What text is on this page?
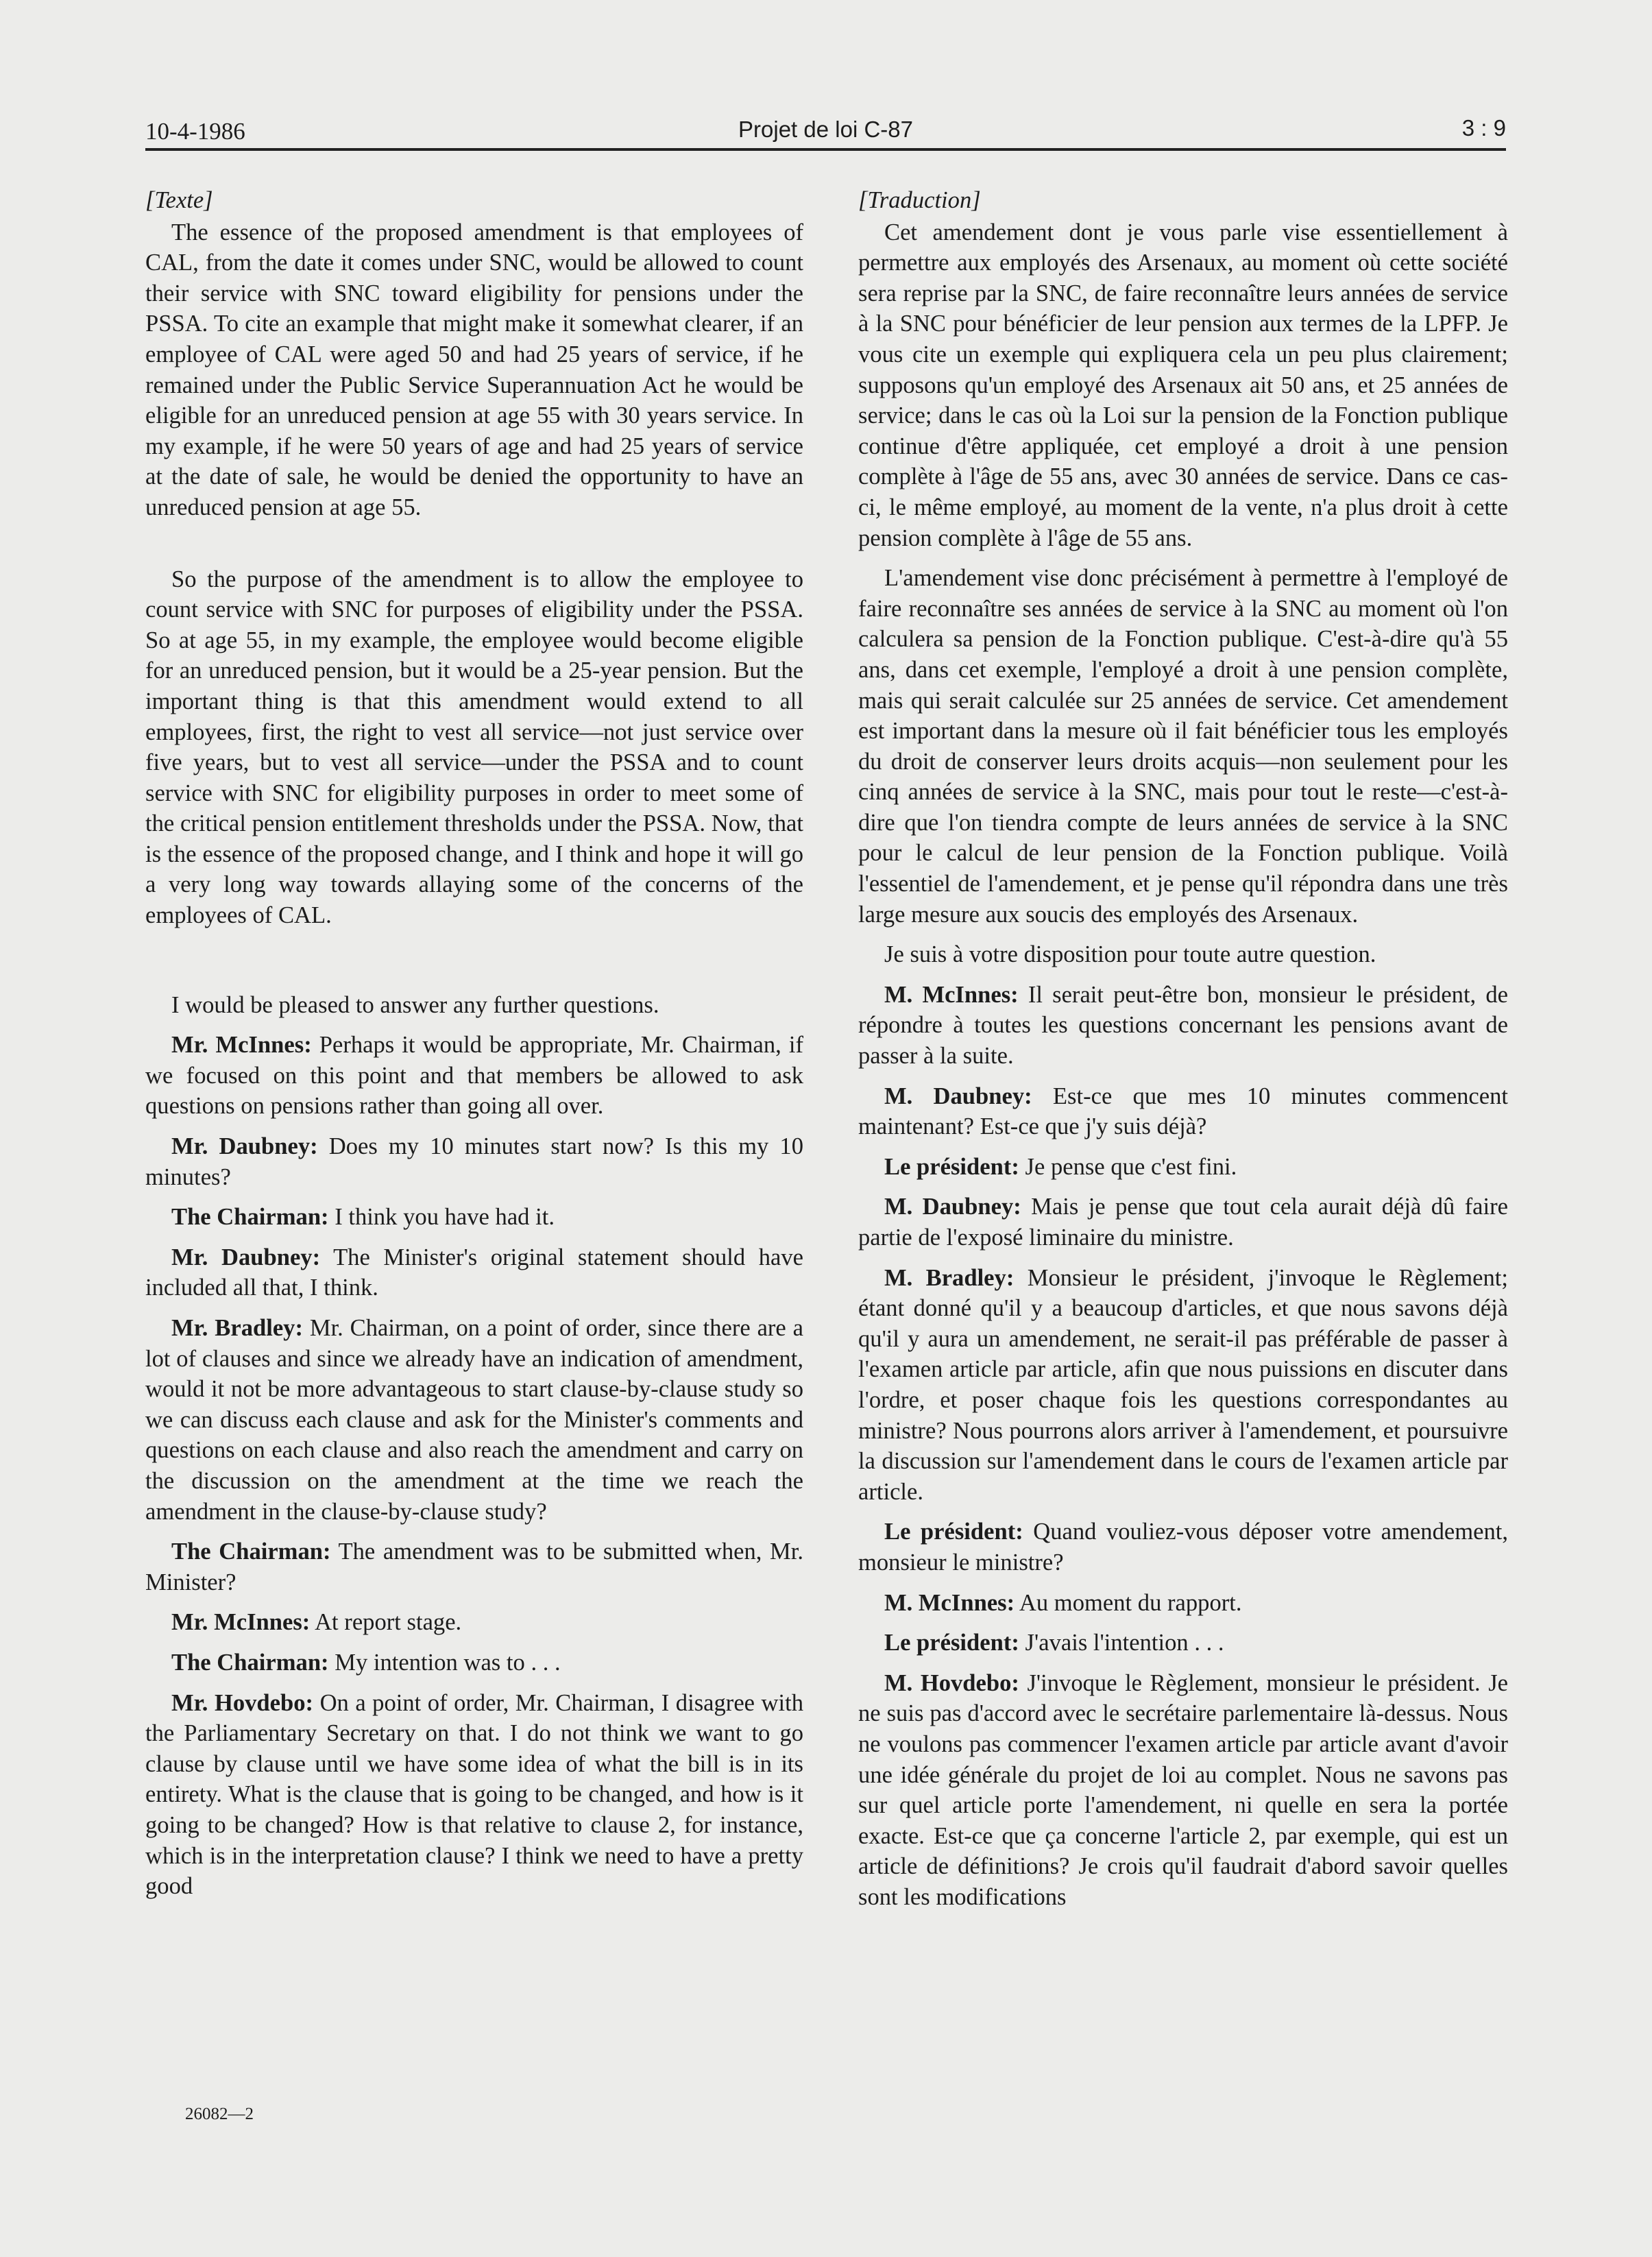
10-4-1986	Projet de loi C-87	3 : 9

[Texte]

The essence of the proposed amendment is that employees of CAL, from the date it comes under SNC, would be allowed to count their service with SNC toward eligibility for pensions under the PSSA. To cite an example that might make it somewhat clearer, if an employee of CAL were aged 50 and had 25 years of service, if he remained under the Public Service Superannuation Act he would be eligible for an unreduced pension at age 55 with 30 years service. In my example, if he were 50 years of age and had 25 years of service at the date of sale, he would be denied the opportunity to have an unreduced pension at age 55.

So the purpose of the amendment is to allow the employee to count service with SNC for purposes of eligibility under the PSSA. So at age 55, in my example, the employee would become eligible for an unreduced pension, but it would be a 25-year pension. But the important thing is that this amendment would extend to all employees, first, the right to vest all service—not just service over five years, but to vest all service—under the PSSA and to count service with SNC for eligibility purposes in order to meet some of the critical pension entitlement thresholds under the PSSA. Now, that is the essence of the proposed change, and I think and hope it will go a very long way towards allaying some of the concerns of the employees of CAL.

I would be pleased to answer any further questions.

Mr. McInnes: Perhaps it would be appropriate, Mr. Chairman, if we focused on this point and that members be allowed to ask questions on pensions rather than going all over.

Mr. Daubney: Does my 10 minutes start now? Is this my 10 minutes?

The Chairman: I think you have had it.

Mr. Daubney: The Minister's original statement should have included all that, I think.

Mr. Bradley: Mr. Chairman, on a point of order, since there are a lot of clauses and since we already have an indication of amendment, would it not be more advantageous to start clause-by-clause study so we can discuss each clause and ask for the Minister's comments and questions on each clause and also reach the amendment and carry on the discussion on the amendment at the time we reach the amendment in the clause-by-clause study?

The Chairman: The amendment was to be submitted when, Mr. Minister?

Mr. McInnes: At report stage.

The Chairman: My intention was to . . .

Mr. Hovdebo: On a point of order, Mr. Chairman, I disagree with the Parliamentary Secretary on that. I do not think we want to go clause by clause until we have some idea of what the bill is in its entirety. What is the clause that is going to be changed, and how is it going to be changed? How is that relative to clause 2, for instance, which is in the interpretation clause? I think we need to have a pretty good

[Traduction]

Cet amendement dont je vous parle vise essentiellement à permettre aux employés des Arsenaux, au moment où cette société sera reprise par la SNC, de faire reconnaître leurs années de service à la SNC pour bénéficier de leur pension aux termes de la LPFP. Je vous cite un exemple qui expliquera cela un peu plus clairement; supposons qu'un employé des Arsenaux ait 50 ans, et 25 années de service; dans le cas où la Loi sur la pension de la Fonction publique continue d'être appliquée, cet employé a droit à une pension complète à l'âge de 55 ans, avec 30 années de service. Dans ce cas-ci, le même employé, au moment de la vente, n'a plus droit à cette pension complète à l'âge de 55 ans.

L'amendement vise donc précisément à permettre à l'employé de faire reconnaître ses années de service à la SNC au moment où l'on calculera sa pension de la Fonction publique. C'est-à-dire qu'à 55 ans, dans cet exemple, l'employé a droit à une pension complète, mais qui serait calculée sur 25 années de service. Cet amendement est important dans la mesure où il fait bénéficier tous les employés du droit de conserver leurs droits acquis—non seulement pour les cinq années de service à la SNC, mais pour tout le reste—c'est-à-dire que l'on tiendra compte de leurs années de service à la SNC pour le calcul de leur pension de la Fonction publique. Voilà l'essentiel de l'amendement, et je pense qu'il répondra dans une très large mesure aux soucis des employés des Arsenaux.

Je suis à votre disposition pour toute autre question.

M. McInnes: Il serait peut-être bon, monsieur le président, de répondre à toutes les questions concernant les pensions avant de passer à la suite.

M. Daubney: Est-ce que mes 10 minutes commencent maintenant? Est-ce que j'y suis déjà?

Le président: Je pense que c'est fini.

M. Daubney: Mais je pense que tout cela aurait déjà dû faire partie de l'exposé liminaire du ministre.

M. Bradley: Monsieur le président, j'invoque le Règlement; étant donné qu'il y a beaucoup d'articles, et que nous savons déjà qu'il y aura un amendement, ne serait-il pas préférable de passer à l'examen article par article, afin que nous puissions en discuter dans l'ordre, et poser chaque fois les questions correspondantes au ministre? Nous pourrons alors arriver à l'amendement, et poursuivre la discussion sur l'amendement dans le cours de l'examen article par article.

Le président: Quand vouliez-vous déposer votre amendement, monsieur le ministre?

M. McInnes: Au moment du rapport.

Le président: J'avais l'intention . . .

M. Hovdebo: J'invoque le Règlement, monsieur le président. Je ne suis pas d'accord avec le secrétaire parlementaire là-dessus. Nous ne voulons pas commencer l'examen article par article avant d'avoir une idée générale du projet de loi au complet. Nous ne savons pas sur quel article porte l'amendement, ni quelle en sera la portée exacte. Est-ce que ça concerne l'article 2, par exemple, qui est un article de définitions? Je crois qu'il faudrait d'abord savoir quelles sont les modifications

26082—2
